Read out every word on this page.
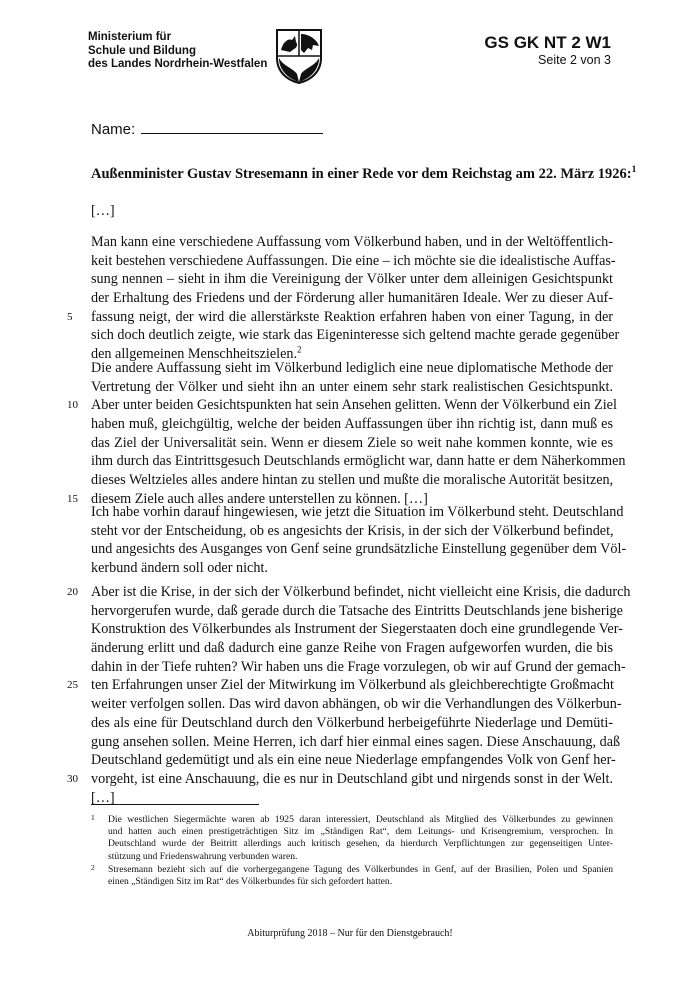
Ministerium für
Schule und Bildung
des Landes Nordrhein-Westfalen
GS GK NT 2 W1
Seite 2 von 3
Name:
Außenminister Gustav Stresemann in einer Rede vor dem Reichstag am 22. März 1926:$^1$
[…]
Man kann eine verschiedene Auffassung vom Völkerbund haben, und in der Weltöffentlich-
keit bestehen verschiedene Auffassungen. Die eine – ich möchte sie die idealistische Auffas-
sung nennen – sieht in ihm die Vereinigung der Völker unter dem alleinigen Gesichtspunkt
der Erhaltung des Friedens und der Förderung aller humanitären Ideale. Wer zu dieser Auf-
5 fassung neigt, der wird die allerstärkste Reaktion erfahren haben von einer Tagung, in der
sich doch deutlich zeigte, wie stark das Eigeninteresse sich geltend machte gerade gegenüber
den allgemeinen Menschheitszielen.$^2$
Die andere Auffassung sieht im Völkerbund lediglich eine neue diplomatische Methode der
Vertretung der Völker und sieht ihn an unter einem sehr stark realistischen Gesichtspunkt.
10 Aber unter beiden Gesichtspunkten hat sein Ansehen gelitten. Wenn der Völkerbund ein Ziel
haben muß, gleichgültig, welche der beiden Auffassungen über ihn richtig ist, dann muß es
das Ziel der Universalität sein. Wenn er diesem Ziele so weit nahe kommen konnte, wie es
ihm durch das Eintrittsgesuch Deutschlands ermöglicht war, dann hatte er dem Näherkommen
dieses Weltzieles alles andere hintan zu stellen und mußte die moralische Autorität besitzen,
15 diesem Ziele auch alles andere unterstellen zu können. […]
Ich habe vorhin darauf hingewiesen, wie jetzt die Situation im Völkerbund steht. Deutschland
steht vor der Entscheidung, ob es angesichts der Krisis, in der sich der Völkerbund befindet,
und angesichts des Ausganges von Genf seine grundsätzliche Einstellung gegenüber dem Völ-
kerbund ändern soll oder nicht.
20 Aber ist die Krise, in der sich der Völkerbund befindet, nicht vielleicht eine Krisis, die dadurch
hervorgerufen wurde, daß gerade durch die Tatsache des Eintritts Deutschlands jene bisherige
Konstruktion des Völkerbundes als Instrument der Siegerstaaten doch eine grundlegende Ver-
änderung erlitt und daß dadurch eine ganze Reihe von Fragen aufgeworfen wurden, die bis
dahin in der Tiefe ruhten? Wir haben uns die Frage vorzulegen, ob wir auf Grund der gemach-
25 ten Erfahrungen unser Ziel der Mitwirkung im Völkerbund als gleichberechtigte Großmacht
weiter verfolgen sollen. Das wird davon abhängen, ob wir die Verhandlungen des Völkerbun-
des als eine für Deutschland durch den Völkerbund herbeigeführte Niederlage und Demüti-
gung ansehen sollen. Meine Herren, ich darf hier einmal eines sagen. Diese Anschauung, daß
Deutschland gedemütigt und als ein eine neue Niederlage empfangendes Volk von Genf her-
30 vorgeht, ist eine Anschauung, die es nur in Deutschland gibt und nirgends sonst in der Welt.
[…]
1	Die westlichen Siegermächte waren ab 1925 daran interessiert, Deutschland als Mitglied des Völkerbundes zu gewinnen
und hatten auch einen prestigeträchtigen Sitz im „Ständigen Rat“, dem Leitungs- und Krisengremium, versprochen. In
Deutschland wurde der Beitritt allerdings auch kritisch gesehen, da hierdurch Verpflichtungen zur gegenseitigen Unter-
stützung und Friedenswahrung verbunden waren.
2	Stresemann bezieht sich auf die vorhergegangene Tagung des Völkerbundes in Genf, auf der Brasilien, Polen und Spanien
einen „Ständigen Sitz im Rat“ des Völkerbundes für sich gefordert hatten.
Abiturprüfung 2018 – Nur für den Dienstgebrauch!
